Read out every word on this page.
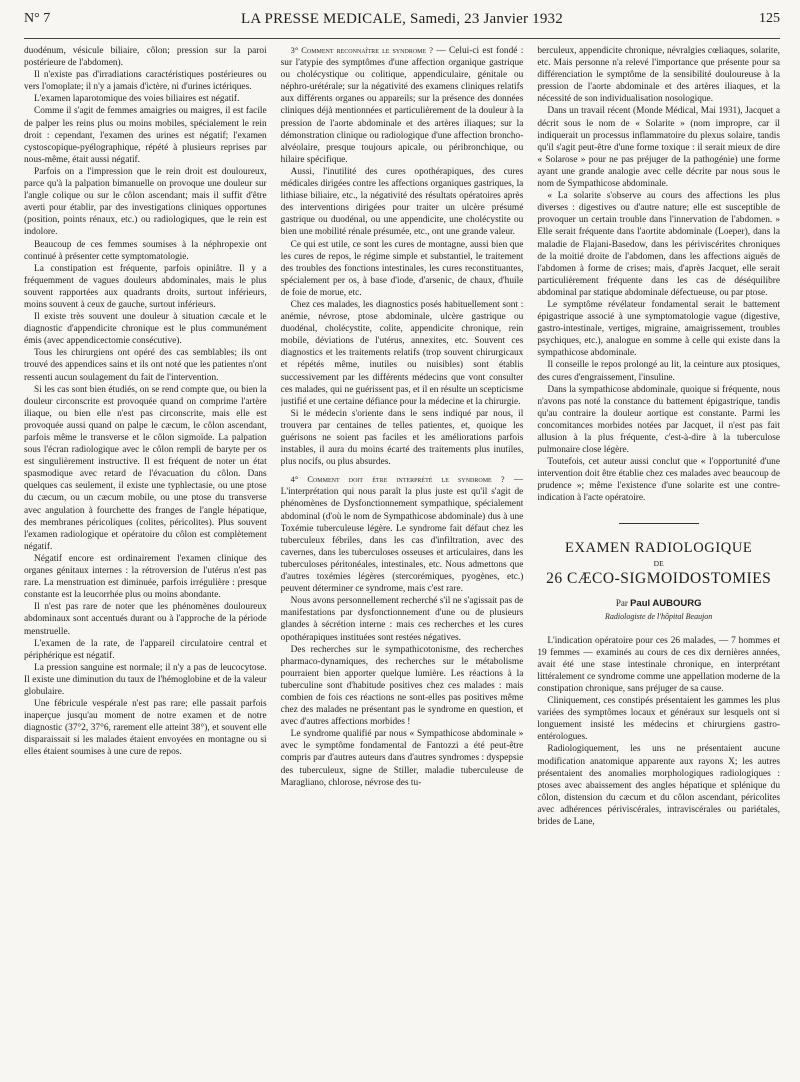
N° 7	LA PRESSE MEDICALE, Samedi, 23 Janvier 1932	125

duodénum, vésicule biliaire, côlon; pression sur la paroi postérieure de l'abdomen).

Il n'existe pas d'irradiations caractéristiques postérieures ou vers l'omoplate; il n'y a jamais d'ictère, ni d'urines ictériques.

L'examen laparotomique des voies biliaires est négatif.

Comme il s'agit de femmes amaigries ou maigres, il est facile de palper les reins plus ou moins mobiles, spécialement le rein droit : cependant, l'examen des urines est négatif; l'examen cystoscopique-pyélographique, répété à plusieurs reprises par nous-même, était aussi négatif.

Parfois on a l'impression que le rein droit est douloureux, parce qu'à la palpation bimanuelle on provoque une douleur sur l'angle colique ou sur le côlon ascendant; mais il suffit d'être averti pour établir, par des investigations cliniques opportunes (position, points rénaux, etc.) ou radiologiques, que le rein est indolore.

Beaucoup de ces femmes soumises à la néphropexie ont continué à présenter cette symptomatologie.

La constipation est fréquente, parfois opiniâtre. Il y a fréquemment de vagues douleurs abdominales, mais le plus souvent rapportées aux quadrants droits, surtout inférieurs, moins souvent à ceux de gauche, surtout inférieurs.

Il existe très souvent une douleur à situation cæcale et le diagnostic d'appendicite chronique est le plus communément émis (avec appendicectomie consécutive).

Tous les chirurgiens ont opéré des cas semblables; ils ont trouvé des appendices sains et ils ont noté que les patientes n'ont ressenti aucun soulagement du fait de l'intervention.

Si les cas sont bien étudiés, on se rend compte que, ou bien la douleur circonscrite est provoquée quand on comprime l'artère iliaque, ou bien elle n'est pas circonscrite, mais elle est provoquée aussi quand on palpe le cæcum, le côlon ascendant, parfois même le transverse et le côlon sigmoïde. La palpation sous l'écran radiologique avec le côlon rempli de baryte per os est singulièrement instructive. Il est fréquent de noter un état spasmodique avec retard de l'évacuation du côlon. Dans quelques cas seulement, il existe une typhlectasie, ou une ptose du cæcum, ou un cæcum mobile, ou une ptose du transverse avec angulation à fourchette des franges de l'angle hépatique, des membranes péricoliques (colites, péricolites). Plus souvent l'examen radiologique et opératoire du côlon est complètement négatif.

Négatif encore est ordinairement l'examen clinique des organes génitaux internes : la rétroversion de l'utérus n'est pas rare. La menstruation est diminuée, parfois irrégulière : presque constante est la leucorrhée plus ou moins abondante.

Il n'est pas rare de noter que les phénomènes douloureux abdominaux sont accentués durant ou à l'approche de la période menstruelle.

L'examen de la rate, de l'appareil circulatoire central et périphérique est négatif.

La pression sanguine est normale; il n'y a pas de leucocytose. Il existe une diminution du taux de l'hémoglobine et de la valeur globulaire.

Une fébricule vespérale n'est pas rare; elle passait parfois inaperçue jusqu'au moment de notre examen et de notre diagnostic (37°2, 37°6, rarement elle atteint 38°), et souvent elle disparaissait si les malades étaient envoyées en montagne ou si elles étaient soumises à une cure de repos.

3° Comment reconnaître le syndrome ? — Celui-ci est fondé : sur l'atypie des symptômes d'une affection organique gastrique ou cholécystique ou colitique, appendiculaire, génitale ou néphro-urétérale; sur la négativité des examens cliniques relatifs aux différents organes ou appareils; sur la présence des données cliniques déjà mentionnées et particulièrement de la douleur à la pression de l'aorte abdominale et des artères iliaques; sur la démonstration clinique ou radiologique d'une affection broncho-alvéolaire, presque toujours apicale, ou péribronchique, ou hilaire spécifique.

Aussi, l'inutilité des cures opothérapiques, des cures médicales dirigées contre les affections organiques gastriques, la lithiase biliaire, etc., la négativité des résultats opératoires après des interventions dirigées pour traiter un ulcère présumé gastrique ou duodénal, ou une appendicite, une cholécystite ou bien une mobilité rénale présumée, etc., ont une grande valeur.

Ce qui est utile, ce sont les cures de montagne, aussi bien que les cures de repos, le régime simple et substantiel, le traitement des troubles des fonctions intestinales, les cures reconstituantes, spécialement per os, à base d'iode, d'arsenic, de chaux, d'huile de foie de morue, etc.

Chez ces malades, les diagnostics posés habituellement sont : anémie, névrose, ptose abdominale, ulcère gastrique ou duodénal, cholécystite, colite, appendicite chronique, rein mobile, déviations de l'utérus, annexites, etc. Souvent ces diagnostics et les traitements relatifs (trop souvent chirurgicaux et répétés même, inutiles ou nuisibles) sont établis successivement par les différents médecins que vont consulter ces malades, qui ne guérissent pas, et il en résulte un scepticisme justifié et une certaine défiance pour la médecine et la chirurgie.

Si le médecin s'oriente dans le sens indiqué par nous, il trouvera par centaines de telles patientes, et, quoique les guérisons ne soient pas faciles et les améliorations parfois instables, il aura du moins écarté des traitements plus inutiles, plus nocifs, ou plus absurdes.

4° Comment doit être interprété le syndrome ? — L'interprétation qui nous paraît la plus juste est qu'il s'agit de phénomènes de Dysfonctionnement sympathique, spécialement abdominal (d'où le nom de Sympathicose abdominale) dus à une Toxémie tuberculeuse légère. Le syndrome fait défaut chez les tuberculeux fébriles, dans les cas d'infiltration, avec des cavernes, dans les tuberculoses osseuses et articulaires, dans les tuberculoses péritonéales, intestinales, etc. Nous admettons que d'autres toxémies légères (stercorémiques, pyogènes, etc.) peuvent déterminer ce syndrome, mais c'est rare.

Nous avons personnellement recherché s'il ne s'agissait pas de manifestations par dysfonctionnement d'une ou de plusieurs glandes à sécrétion interne : mais ces recherches et les cures opothérapiques instituées sont restées négatives.

Des recherches sur le sympathicotonisme, des recherches pharmaco-dynamiques, des recherches sur le métabolisme pourraient bien apporter quelque lumière. Les réactions à la tuberculine sont d'habitude positives chez ces malades : mais combien de fois ces réactions ne sont-elles pas positives même chez des malades ne présentant pas le syndrome en question, et avec d'autres affections morbides !

Le syndrome qualifié par nous « Sympathicose abdominale » avec le symptôme fondamental de Fantozzi a été peut-être compris par d'autres auteurs dans d'autres syndromes : dyspepsie des tuberculeux, signe de Stiller, maladie tuberculeuse de Maragliano, chlorose, névrose des tu-

berculeux, appendicite chronique, névralgies cœliaques, solarite, etc. Mais personne n'a relevé l'importance que présente pour sa différenciation le symptôme de la sensibilité douloureuse à la pression de l'aorte abdominale et des artères iliaques, et la nécessité de son individualisation nosologique.

Dans un travail récent (Monde Médical, Mai 1931), Jacquet a décrit sous le nom de « Solarite » (nom impropre, car il indiquerait un processus inflammatoire du plexus solaire, tandis qu'il s'agit peut-être d'une forme toxique : il serait mieux de dire « Solarose » pour ne pas préjuger de la pathogénie) une forme ayant une grande analogie avec celle décrite par nous sous le nom de Sympathicose abdominale.

« La solarite s'observe au cours des affections les plus diverses : digestives ou d'autre nature; elle est susceptible de provoquer un certain trouble dans l'innervation de l'abdomen. » Elle serait fréquente dans l'aortite abdominale (Loeper), dans la maladie de Flajani-Basedow, dans les périviscérites chroniques de la moitié droite de l'abdomen, dans les affections aiguës de l'abdomen à forme de crises; mais, d'après Jacquet, elle serait particulièrement fréquente dans les cas de déséquilibre abdominal par statique abdominale défectueuse, ou par ptose.

Le symptôme révélateur fondamental serait le battement épigastrique associé à une symptomatologie vague (digestive, gastro-intestinale, vertiges, migraine, amaigrissement, troubles psychiques, etc.), analogue en somme à celle qui existe dans la sympathicose abdominale.

Il conseille le repos prolongé au lit, la ceinture aux ptosiques, des cures d'engraissement, l'insuline.

Dans la sympathicose abdominale, quoique si fréquente, nous n'avons pas noté la constance du battement épigastrique, tandis qu'au contraire la douleur aortique est constante. Parmi les concomitances morbides notées par Jacquet, il n'est pas fait allusion à la plus fréquente, c'est-à-dire à la tuberculose pulmonaire close légère.

Toutefois, cet auteur aussi conclut que « l'opportunité d'une intervention doit être établie chez ces malades avec beaucoup de prudence »; même l'existence d'une solarite est une contre-indication à l'acte opératoire.

EXAMEN RADIOLOGIQUE
DE
26 CÆCO-SIGMOIDOSTOMIES
Par Paul AUBOURG
Radiologiste de l'hôpital Beaujon

L'indication opératoire pour ces 26 malades, — 7 hommes et 19 femmes — examinés au cours de ces dix dernières années, avait été une stase intestinale chronique, en interprétant littéralement ce syndrome comme une appellation moderne de la constipation chronique, sans préjuger de sa cause.

Cliniquement, ces constipés présentaient les gammes les plus variées des symptômes locaux et généraux sur lesquels ont si longuement insisté les médecins et chirurgiens gastro-entérologues.

Radiologiquement, les uns ne présentaient aucune modification anatomique apparente aux rayons X; les autres présentaient des anomalies morphologiques radiologiques : ptoses avec abaissement des angles hépatique et splénique du côlon, distension du cæcum et du côlon ascendant, péricolites avec adhérences périviscérales, intraviscérales ou pariétales, brides de Lane,
